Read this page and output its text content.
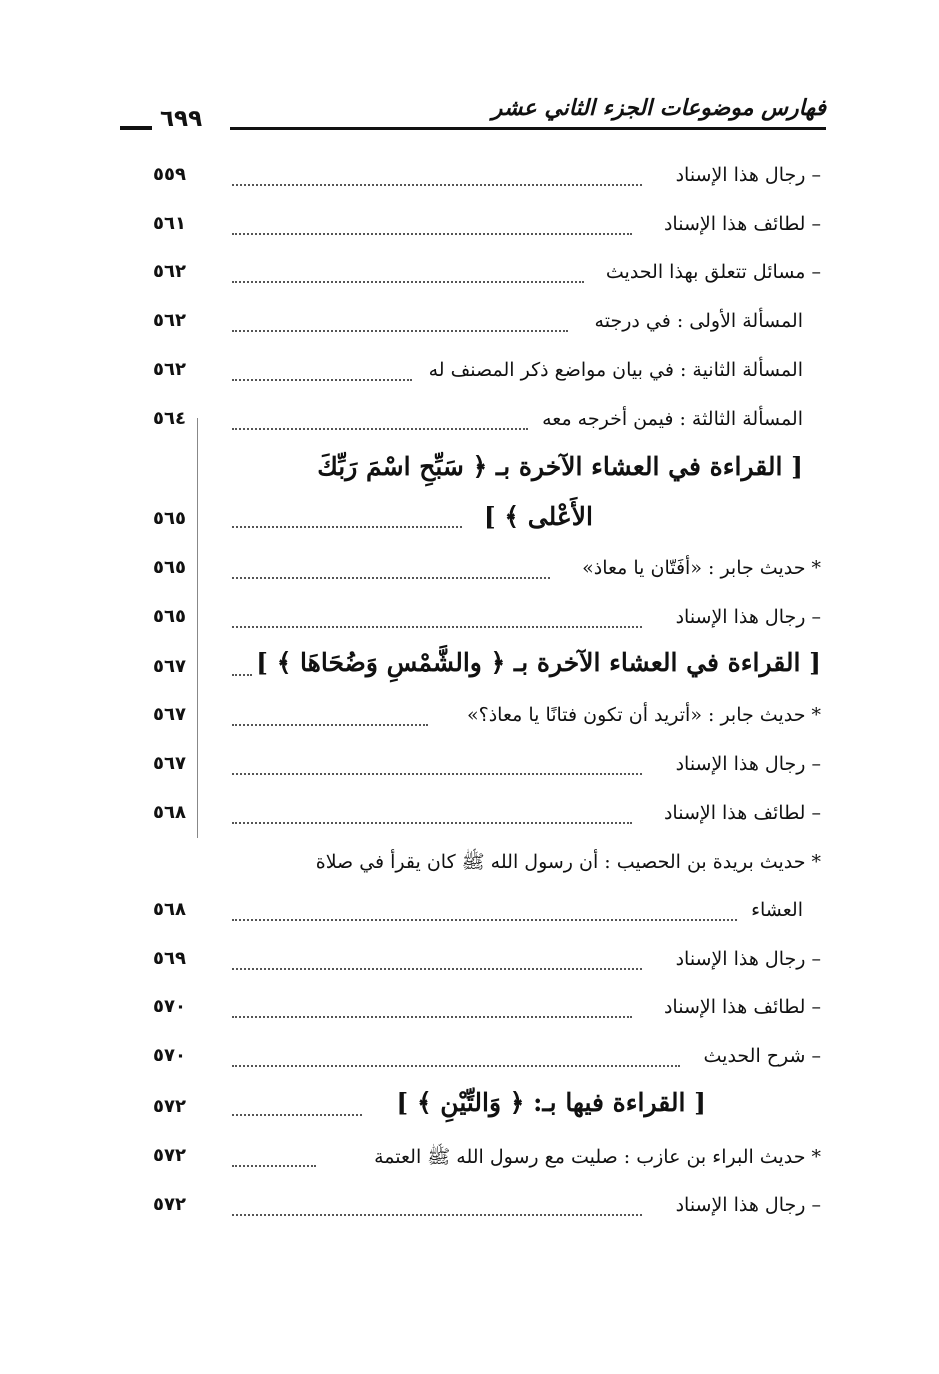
فهارس موضوعات الجزء الثاني عشر
٦٩٩
– رجال هذا الإسناد
٥٥٩
– لطائف هذا الإسناد
٥٦١
– مسائل تتعلق بهذا الحديث
٥٦٢
المسألة الأولى : في درجته
٥٦٢
المسألة الثانية : في بيان مواضع ذكر المصنف له
٥٦٢
المسألة الثالثة : فيمن أخرجه معه
٥٦٤
[ القراءة في العشاء الآخرة بـ ﴿ سَبِّحِ اسْمَ رَبِّكَ
الأَعْلى ﴾ ]
٥٦٥
* حديث جابر : «أفَتّان يا معاذ»
٥٦٥
– رجال هذا الإسناد
٥٦٥
[ القراءة في العشاء الآخرة بـ ﴿ والشَّمْسِ وَضُحَاهَا ﴾ ]
٥٦٧
* حديث جابر : «أتريد أن تكون فتانًا يا معاذ؟»
٥٦٧
– رجال هذا الإسناد
٥٦٧
– لطائف هذا الإسناد
٥٦٨
* حديث بريدة بن الحصيب : أن رسول الله ﷺ كان يقرأ في صلاة
العشاء
٥٦٨
– رجال هذا الإسناد
٥٦٩
– لطائف هذا الإسناد
٥٧٠
– شرح الحديث
٥٧٠
[ القراءة فيها بـ: ﴿ وَالتِّيْنِ ﴾ ]
٥٧٢
* حديث البراء بن عازب : صليت مع رسول الله ﷺ العتمة
٥٧٢
– رجال هذا الإسناد
٥٧٢
